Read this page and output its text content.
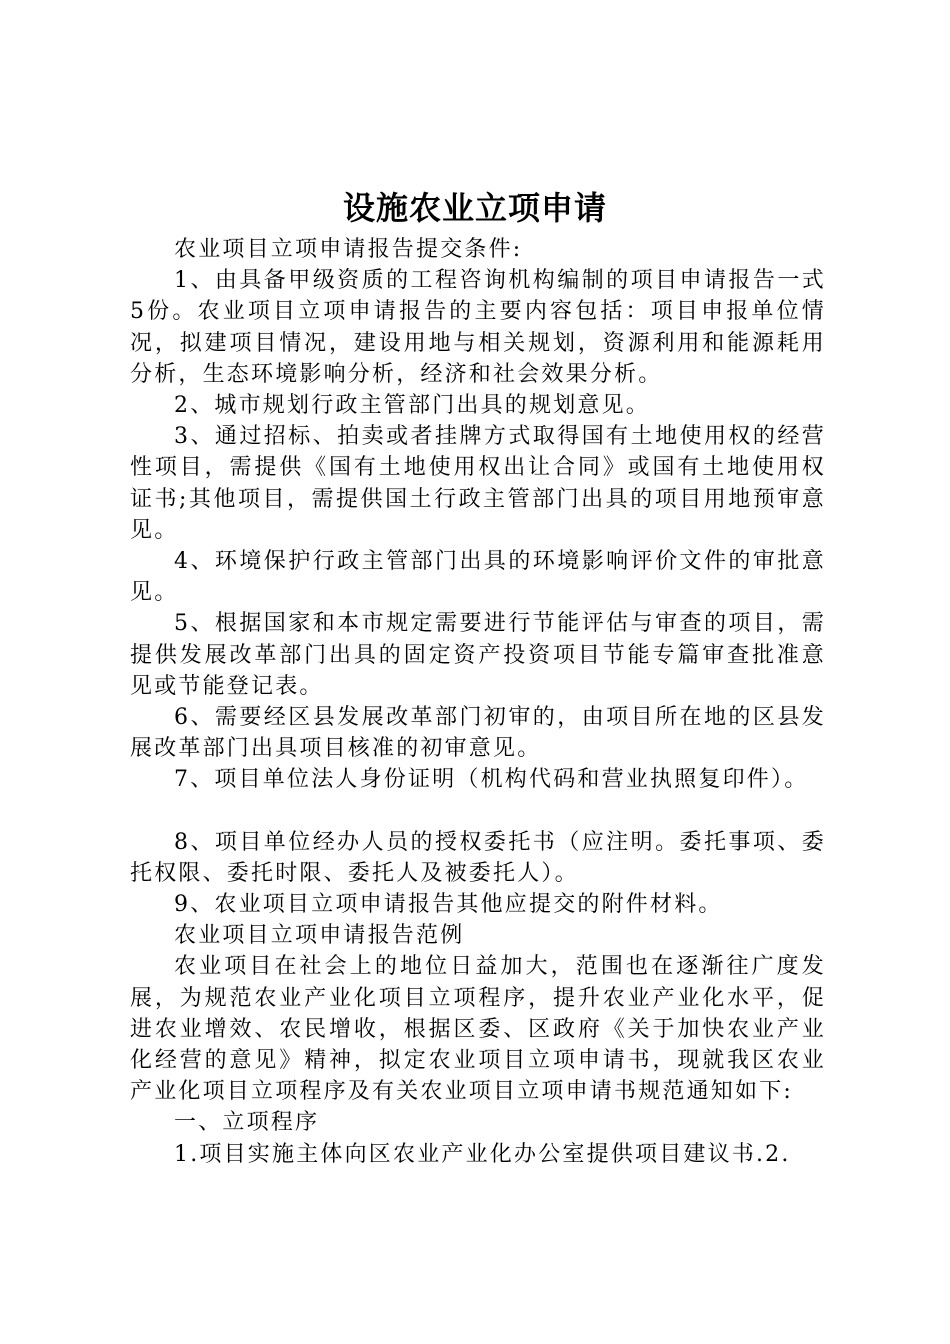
设施农业立项申请

农业项目立项申请报告提交条件:

1、由具备甲级资质的工程咨询机构编制的项目申请报告一式5份。农业项目立项申请报告的主要内容包括：项目申报单位情况，拟建项目情况，建设用地与相关规划，资源利用和能源耗用分析，生态环境影响分析，经济和社会效果分析。

2、城市规划行政主管部门出具的规划意见。

3、通过招标、拍卖或者挂牌方式取得国有土地使用权的经营性项目，需提供《国有土地使用权出让合同》或国有土地使用权证书;其他项目，需提供国土行政主管部门出具的项目用地预审意见。

4、环境保护行政主管部门出具的环境影响评价文件的审批意见。

5、根据国家和本市规定需要进行节能评估与审查的项目，需提供发展改革部门出具的固定资产投资项目节能专篇审查批准意见或节能登记表。

6、需要经区县发展改革部门初审的，由项目所在地的区县发展改革部门出具项目核准的初审意见。

7、项目单位法人身份证明（机构代码和营业执照复印件）。

8、项目单位经办人员的授权委托书（应注明。委托事项、委托权限、委托时限、委托人及被委托人）。

9、农业项目立项申请报告其他应提交的附件材料。

农业项目立项申请报告范例

农业项目在社会上的地位日益加大，范围也在逐渐往广度发展，为规范农业产业化项目立项程序，提升农业产业化水平，促进农业增效、农民增收，根据区委、区政府《关于加快农业产业化经营的意见》精神，拟定农业项目立项申请书，现就我区农业产业化项目立项程序及有关农业项目立项申请书规范通知如下:

一、立项程序

1.项目实施主体向区农业产业化办公室提供项目建议书.2.
